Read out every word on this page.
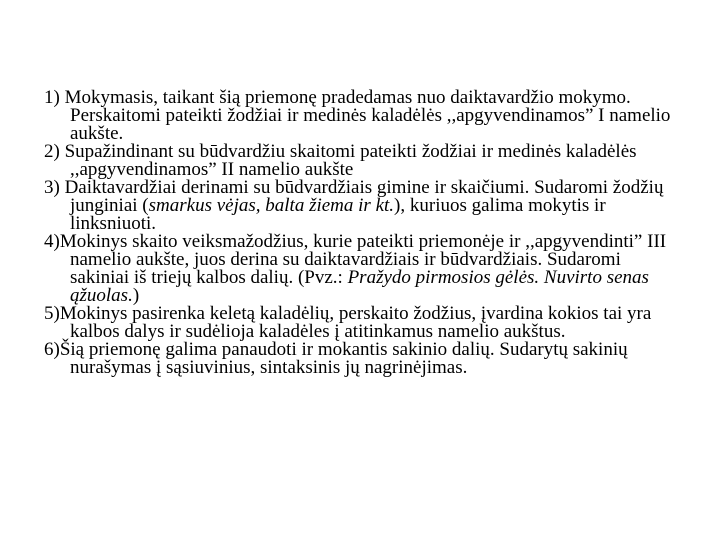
1) Mokymasis, taikant šią priemonę pradedamas nuo daiktavardžio mokymo. Perskaitomi pateikti žodžiai ir medinės kaladėlės ,,apgyvendinamos” I namelio aukšte.

2) Supažindinant su būdvardžiu skaitomi pateikti žodžiai ir medinės kaladėlės ,,apgyvendinamos” II namelio aukšte

3) Daiktavardžiai derinami su būdvardžiais gimine ir skaičiumi. Sudaromi žodžių junginiai (smarkus vėjas, balta žiema ir kt.), kuriuos galima mokytis ir linksniuoti.

4)Mokinys skaito veiksmažodžius, kurie pateikti priemonėje ir ,,apgyvendinti” III namelio aukšte, juos derina su daiktavardžiais ir būdvardžiais. Sudaromi sakiniai iš triejų kalbos dalių. (Pvz.: Pražydo pirmosios gėlės. Nuvirto senas ąžuolas.)

5)Mokinys pasirenka keletą kaladėlių, perskaito žodžius, įvardina kokios tai yra kalbos dalys ir sudėlioja kaladėles į atitinkamus namelio aukštus.

6)Šią priemonę galima panaudoti ir mokantis sakinio dalių. Sudarytų sakinių nurašymas į sąsiuvinius, sintaksinis jų nagrinėjimas.
